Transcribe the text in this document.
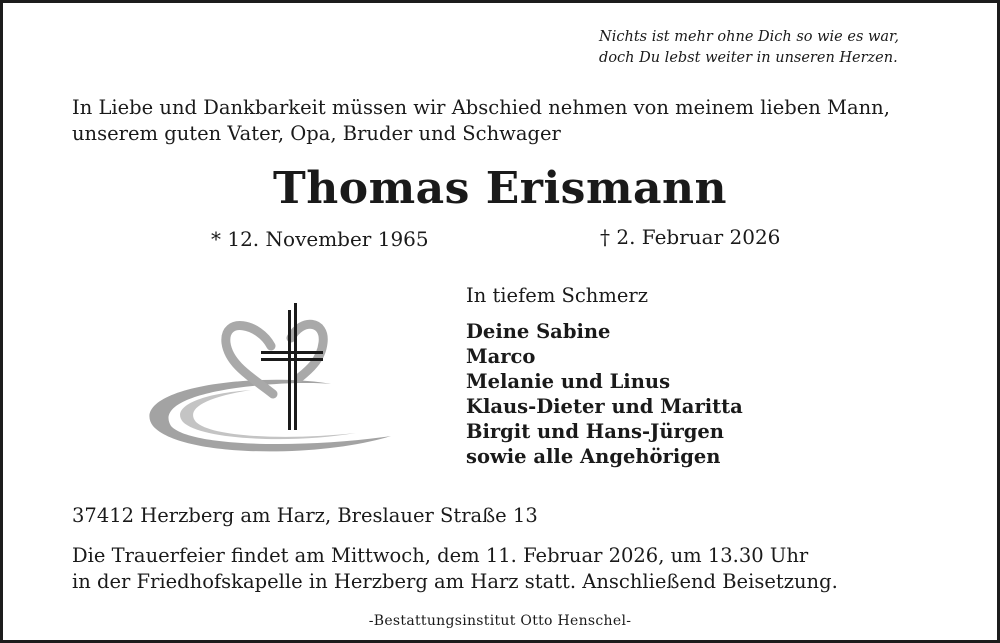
Nichts ist mehr ohne Dich so wie es war,
doch Du lebst weiter in unseren Herzen.
In Liebe und Dankbarkeit müssen wir Abschied nehmen von meinem lieben Mann,
unserem guten Vater, Opa, Bruder und Schwager
Thomas Erismann
* 12. November 1965	† 2. Februar 2026
In tiefem Schmerz
Deine Sabine
Marco
Melanie und Linus
Klaus-Dieter und Maritta
Birgit und Hans-Jürgen
sowie alle Angehörigen
37412 Herzberg am Harz, Breslauer Straße 13
Die Trauerfeier findet am Mittwoch, dem 11. Februar 2026, um 13.30 Uhr
in der Friedhofskapelle in Herzberg am Harz statt. Anschließend Beisetzung.
-Bestattungsinstitut Otto Henschel-
